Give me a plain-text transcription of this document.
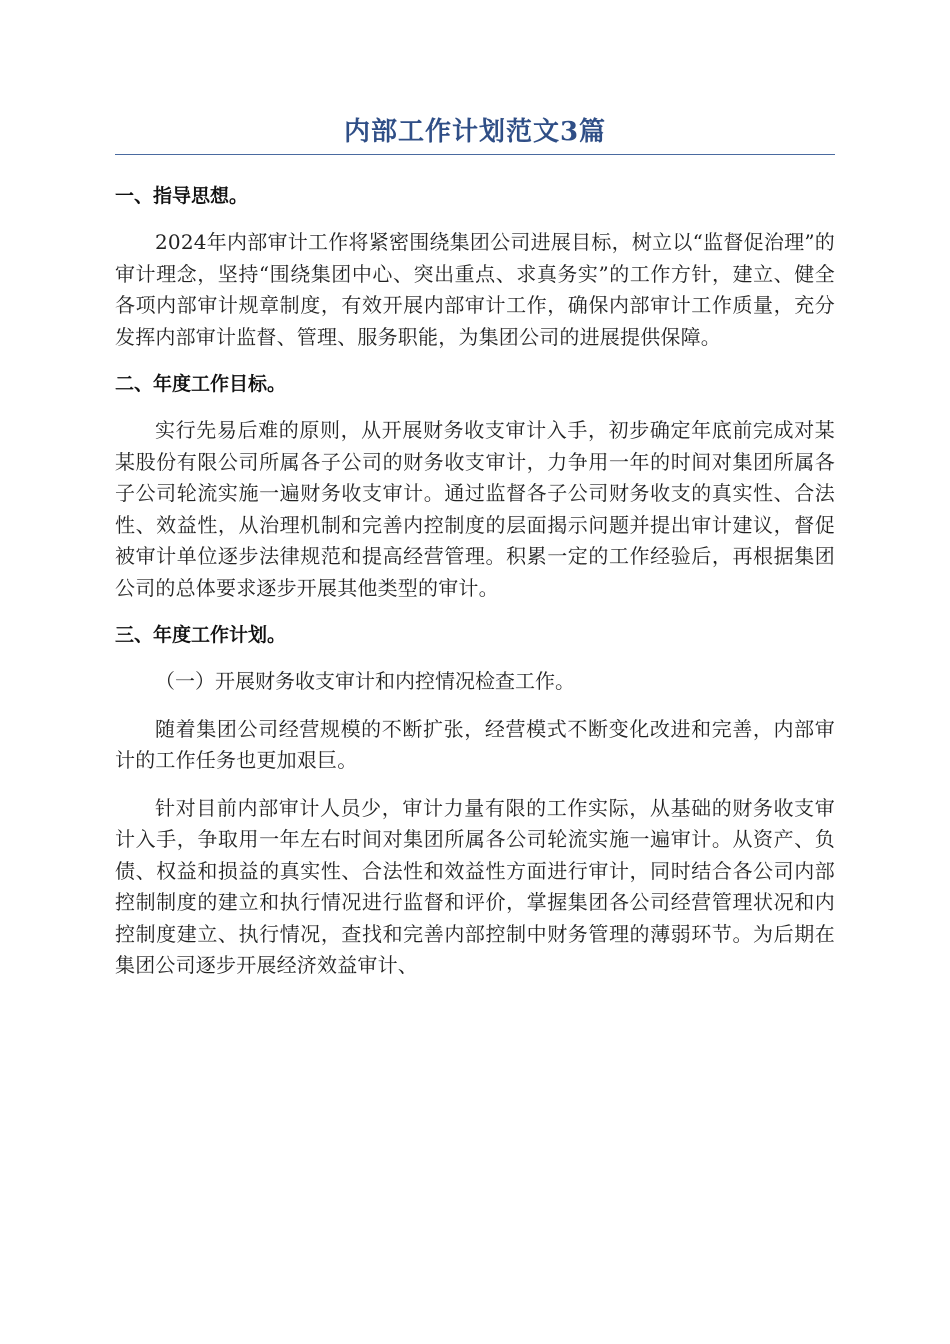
内部工作计划范文3篇

一、指导思想。

2024年内部审计工作将紧密围绕集团公司进展目标，树立以“监督促治理”的审计理念，坚持“围绕集团中心、突出重点、求真务实”的工作方针，建立、健全各项内部审计规章制度，有效开展内部审计工作，确保内部审计工作质量，充分发挥内部审计监督、管理、服务职能，为集团公司的进展提供保障。

二、年度工作目标。

实行先易后难的原则，从开展财务收支审计入手，初步确定年底前完成对某某股份有限公司所属各子公司的财务收支审计，力争用一年的时间对集团所属各子公司轮流实施一遍财务收支审计。通过监督各子公司财务收支的真实性、合法性、效益性，从治理机制和完善内控制度的层面揭示问题并提出审计建议，督促被审计单位逐步法律规范和提高经营管理。积累一定的工作经验后，再根据集团公司的总体要求逐步开展其他类型的审计。

三、年度工作计划。

（一）开展财务收支审计和内控情况检查工作。

随着集团公司经营规模的不断扩张，经营模式不断变化改进和完善，内部审计的工作任务也更加艰巨。

针对目前内部审计人员少，审计力量有限的工作实际，从基础的财务收支审计入手，争取用一年左右时间对集团所属各公司轮流实施一遍审计。从资产、负债、权益和损益的真实性、合法性和效益性方面进行审计，同时结合各公司内部控制制度的建立和执行情况进行监督和评价，掌握集团各公司经营管理状况和内控制度建立、执行情况，查找和完善内部控制中财务管理的薄弱环节。为后期在集团公司逐步开展经济效益审计、
